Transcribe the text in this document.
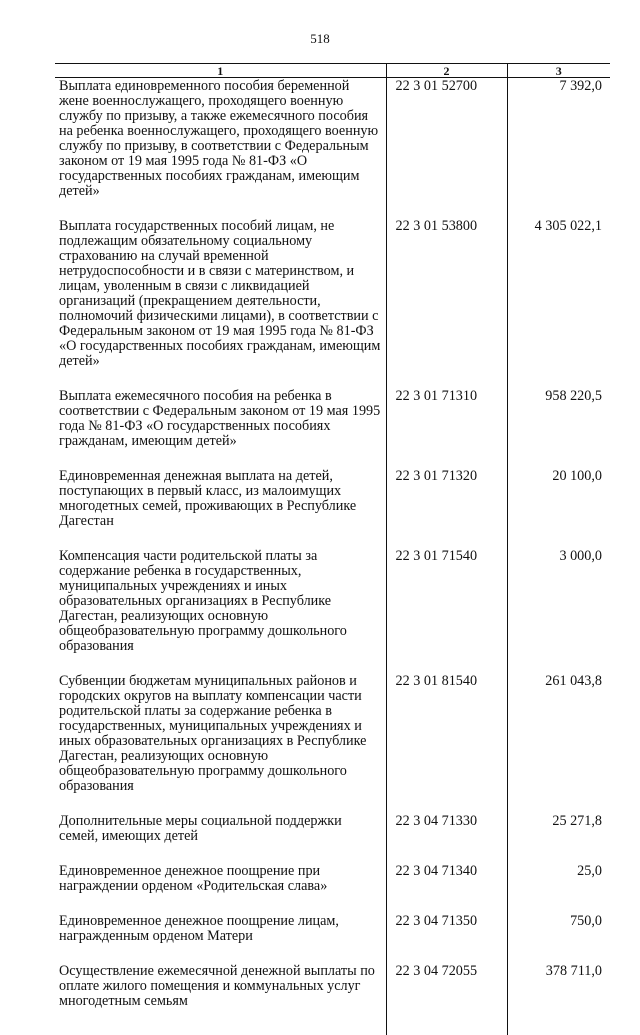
518
1	2	3
Выплата единовременного пособия беременной жене военнослужащего, проходящего военную службу по призыву, а также ежемесячного пособия на ребенка военнослужащего, проходящего военную службу по призыву, в соответствии с Федеральным законом от 19 мая 1995 года № 81-ФЗ «О государственных пособиях гражданам, имеющим детей»	22 3 01 52700	7 392,0
Выплата государственных пособий лицам, не подлежащим обязательному социальному страхованию на случай временной нетрудоспособности и в связи с материнством, и лицам, уволенным в связи с ликвидацией организаций (прекращением деятельности, полномочий физическими лицами), в соответствии с Федеральным законом от 19 мая 1995 года № 81-ФЗ «О государственных пособиях гражданам, имеющим детей»	22 3 01 53800	4 305 022,1
Выплата ежемесячного пособия на ребенка в соответствии с Федеральным законом от 19 мая 1995 года № 81-ФЗ «О государственных пособиях гражданам, имеющим детей»	22 3 01 71310	958 220,5
Единовременная денежная выплата на детей, поступающих в первый класс, из малоимущих многодетных семей, проживающих в Республике Дагестан	22 3 01 71320	20 100,0
Компенсация части родительской платы за содержание ребенка в государственных, муниципальных учреждениях и иных образовательных организациях в Республике Дагестан, реализующих основную общеобразовательную программу дошкольного образования	22 3 01 71540	3 000,0
Субвенции бюджетам муниципальных районов и городских округов на выплату компенсации части родительской платы за содержание ребенка в государственных, муниципальных учреждениях и иных образовательных организациях в Республике Дагестан, реализующих основную общеобразовательную программу дошкольного образования	22 3 01 81540	261 043,8
Дополнительные меры социальной поддержки семей, имеющих детей	22 3 04 71330	25 271,8
Единовременное денежное поощрение при награждении орденом «Родительская слава»	22 3 04 71340	25,0
Единовременное денежное поощрение лицам, награжденным орденом Матери	22 3 04 71350	750,0
Осуществление ежемесячной денежной выплаты по оплате жилого помещения и коммунальных услуг многодетным семьям	22 3 04 72055	378 711,0
